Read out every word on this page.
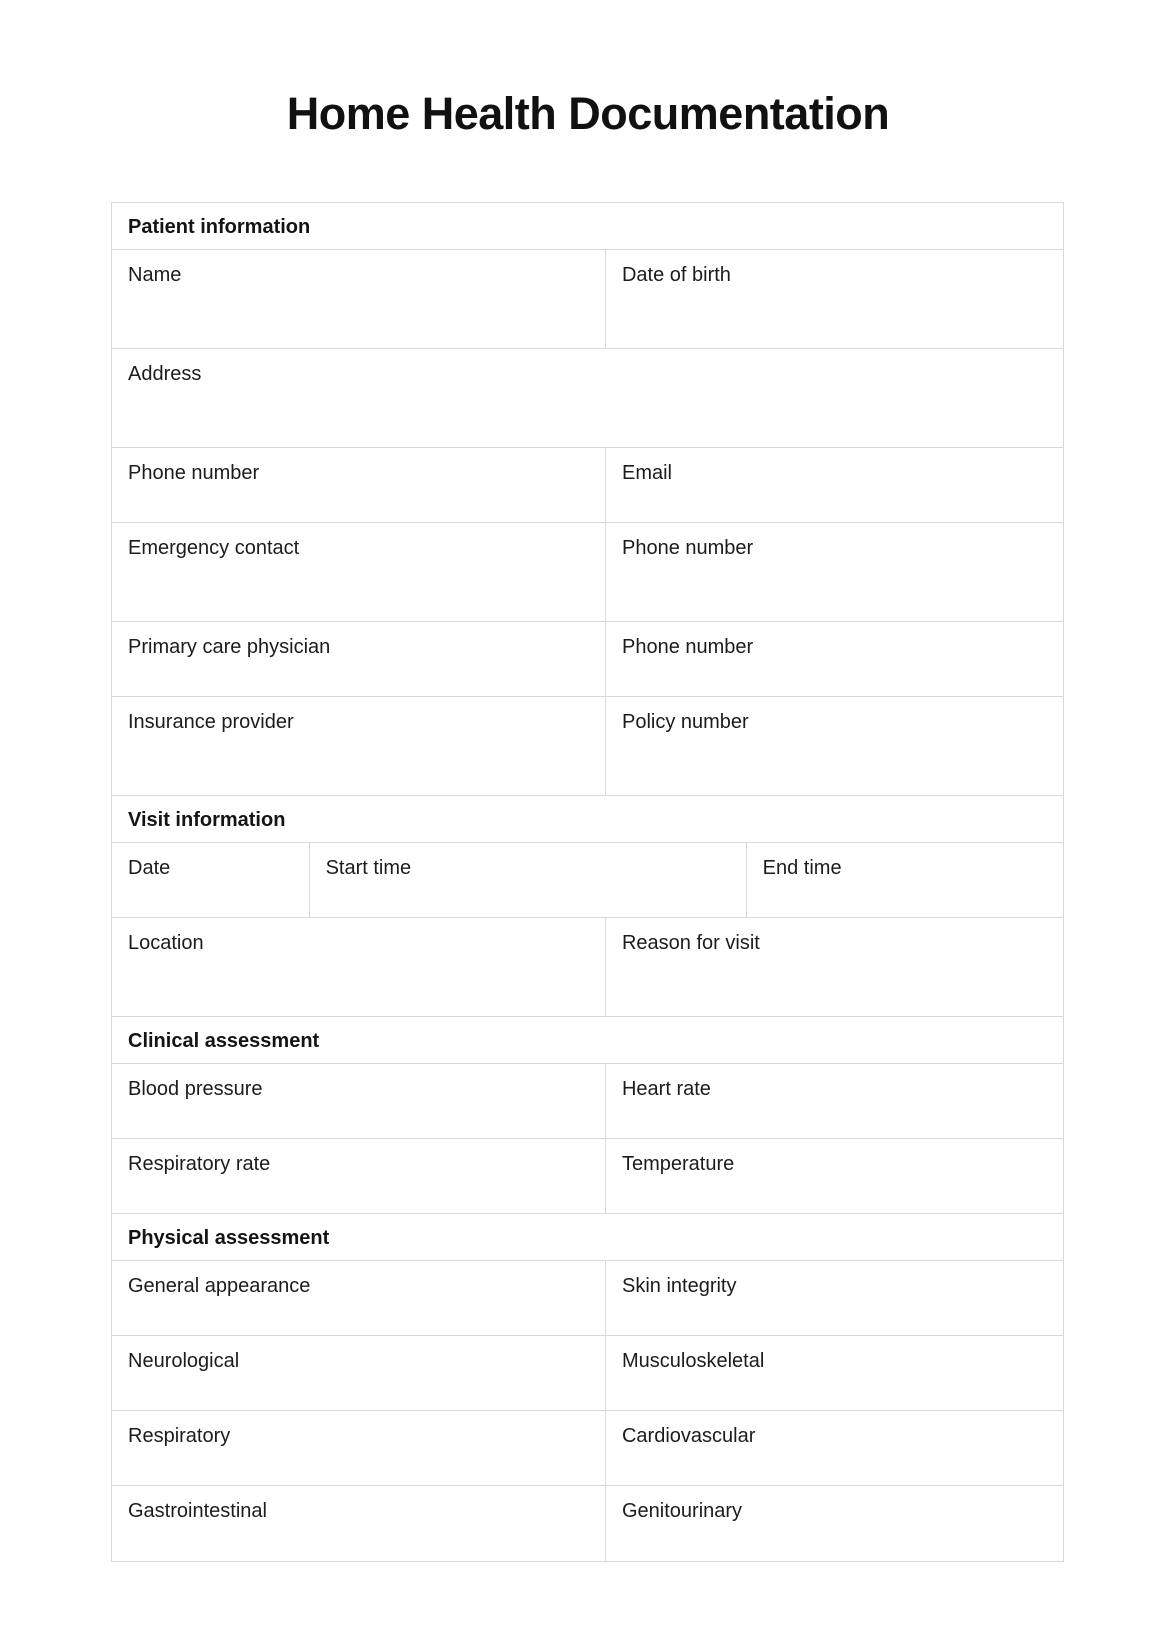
Home Health Documentation
Patient information
Name	Date of birth
Address
Phone number	Email
Emergency contact	Phone number
Primary care physician	Phone number
Insurance provider	Policy number
Visit information
Date	Start time	End time
Location	Reason for visit
Clinical assessment
Blood pressure	Heart rate
Respiratory rate	Temperature
Physical assessment
General appearance	Skin integrity
Neurological	Musculoskeletal
Respiratory	Cardiovascular
Gastrointestinal	Genitourinary
